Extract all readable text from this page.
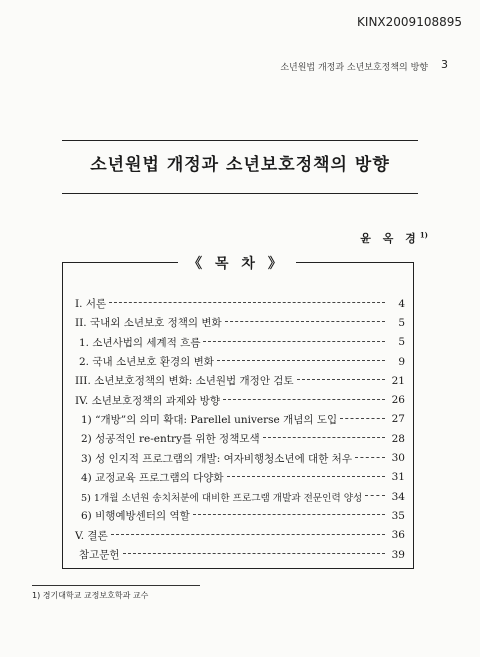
KINX2009108895
소년원법 개정과 소년보호정책의 방향 3
소년원법 개정과 소년보호정책의 방향
윤 옥 경$^{1)}$
《 목 차 》
I. 서론	4
II. 국내외 소년보호 정책의 변화	5
1. 소년사법의 세계적 흐름	5
2. 국내 소년보호 환경의 변화	9
III. 소년보호정책의 변화: 소년원법 개정안 검토	21
IV. 소년보호정책의 과제와 방향	26
1) “개방”의 의미 확대: Parellel universe 개념의 도입	27
2) 성공적인 re-entry를 위한 정책모색	28
3) 성 인지적 프로그램의 개발: 여자비행청소년에 대한 처우	30
4) 교정교육 프로그램의 다양화	31
5) 1개월 소년원 송치처분에 대비한 프로그램 개발과 전문인력 양성	34
6) 비행예방센터의 역할	35
V. 결론	36
참고문헌	39
1) 경기대학교 교정보호학과 교수
